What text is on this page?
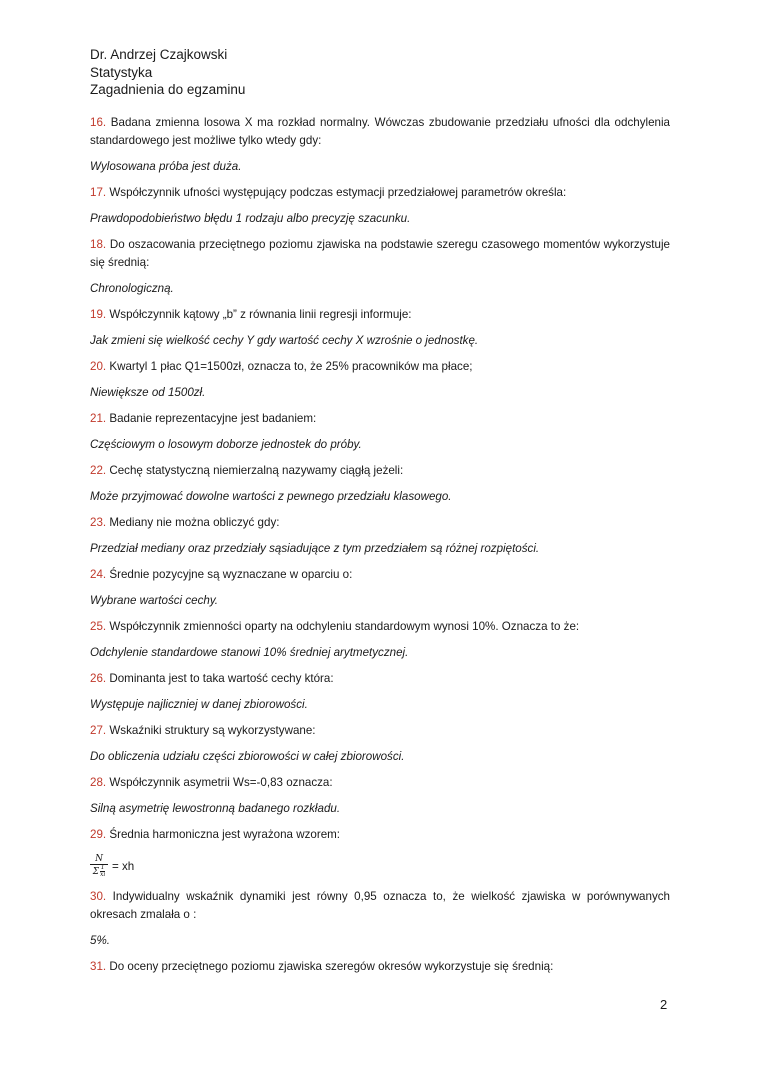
Dr. Andrzej Czajkowski
Statystyka
Zagadnienia do egzaminu
16. Badana zmienna losowa X ma rozkład normalny. Wówczas zbudowanie przedziału ufności dla odchylenia standardowego jest możliwe tylko wtedy gdy:
Wylosowana próba jest duża.
17. Współczynnik ufności występujący podczas estymacji przedziałowej parametrów określa:
Prawdopodobieństwo błędu 1 rodzaju albo precyzję szacunku.
18. Do oszacowania przeciętnego poziomu zjawiska na podstawie szeregu czasowego momentów wykorzystuje się średnią:
Chronologiczną.
19. Współczynnik kątowy „b” z równania linii regresji informuje:
Jak zmieni się wielkość cechy Y gdy wartość cechy X wzrośnie o jednostkę.
20. Kwartyl 1 płac Q1=1500zł, oznacza to, że 25% pracowników ma płace;
Niewiększe od 1500zł.
21. Badanie reprezentacyjne jest badaniem:
Częściowym o losowym doborze jednostek do próby.
22. Cechę statystyczną niemierzalną nazywamy ciągłą jeżeli:
Może przyjmować dowolne wartości z pewnego przedziału klasowego.
23. Mediany nie można obliczyć gdy:
Przedział mediany oraz przedziały sąsiadujące z tym przedziałem są różnej rozpiętości.
24. Średnie pozycyjne są wyznaczane w oparciu o:
Wybrane wartości cechy.
25. Współczynnik zmienności oparty na odchyleniu standardowym wynosi 10%. Oznacza to że:
Odchylenie standardowe stanowi 10% średniej arytmetycznej.
26. Dominanta jest to taka wartość cechy która:
Występuje najliczniej w danej zbiorowości.
27. Wskaźniki struktury są wykorzystywane:
Do obliczenia udziału części zbiorowości w całej zbiorowości.
28. Współczynnik asymetrii Ws=-0,83 oznacza:
Silną asymetrię lewostronną badanego rozkładu.
29. Średnia harmoniczna jest wyrażona wzorem:
$\frac{N}{\Sigma \frac{1}{xi}}$ = xh
30. Indywidualny wskaźnik dynamiki jest równy 0,95 oznacza to, że wielkość zjawiska w porównywanych okresach zmalała o :
5%.
31. Do oceny przeciętnego poziomu zjawiska szeregów okresów wykorzystuje się średnią:
2
